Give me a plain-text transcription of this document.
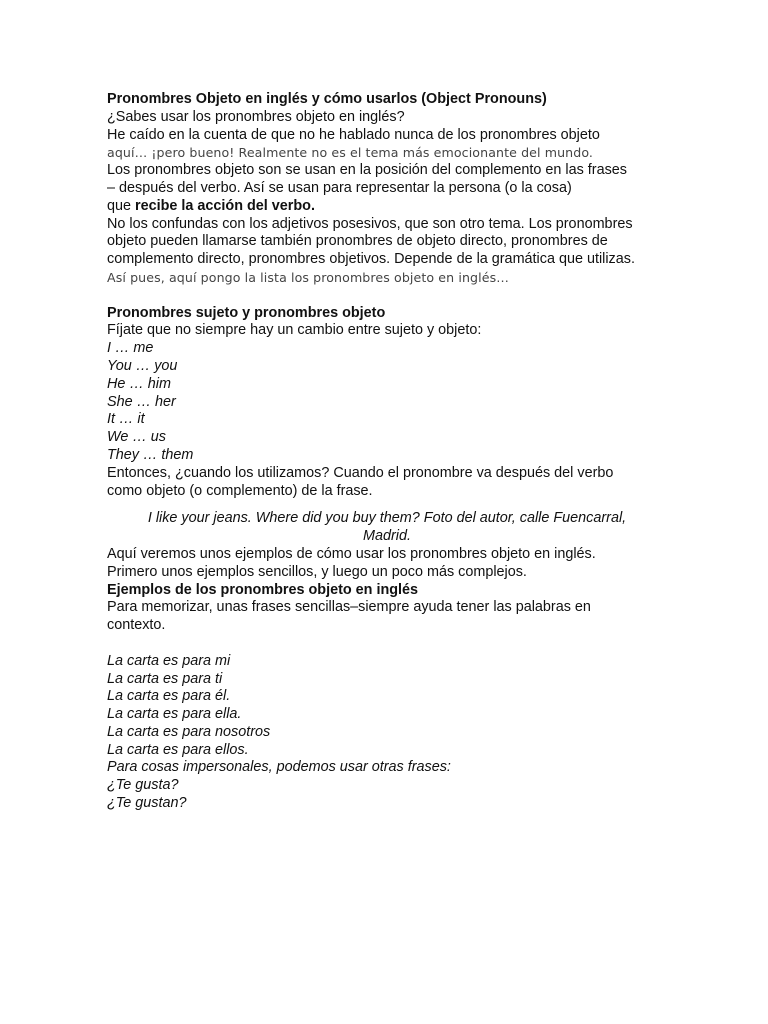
Pronombres Objeto en inglés y cómo usarlos (Object Pronouns)
¿Sabes usar los pronombres objeto en inglés?
He caído en la cuenta de que no he hablado nunca de los pronombres objeto
aquí… ¡pero bueno! Realmente no es el tema más emocionante del mundo.
Los pronombres objeto son se usan en la posición del complemento en las frases
– después del verbo. Así se usan para representar la persona (o la cosa)
que recibe la acción del verbo.
No los confundas con los adjetivos posesivos, que son otro tema. Los pronombres
objeto pueden llamarse también pronombres de objeto directo, pronombres de
complemento directo, pronombres objetivos. Depende de la gramática que utilizas.
Así pues, aquí pongo la lista los pronombres objeto en inglés…
Pronombres sujeto y pronombres objeto
Fíjate que no siempre hay un cambio entre sujeto y objeto:
I … me
You … you
He … him
She … her
It … it
We … us
They … them
Entonces, ¿cuando los utilizamos? Cuando el pronombre va después del verbo
como objeto (o complemento) de la frase.
I like your jeans. Where did you buy them? Foto del autor, calle Fuencarral,
Madrid.
Aquí veremos unos ejemplos de cómo usar los pronombres objeto en inglés.
Primero unos ejemplos sencillos, y luego un poco más complejos.
Ejemplos de los pronombres objeto en inglés
Para memorizar, unas frases sencillas–siempre ayuda tener las palabras en
contexto.
La carta es para mi
La carta es para ti
La carta es para él.
La carta es para ella.
La carta es para nosotros
La carta es para ellos.
Para cosas impersonales, podemos usar otras frases:
¿Te gusta?
¿Te gustan?
